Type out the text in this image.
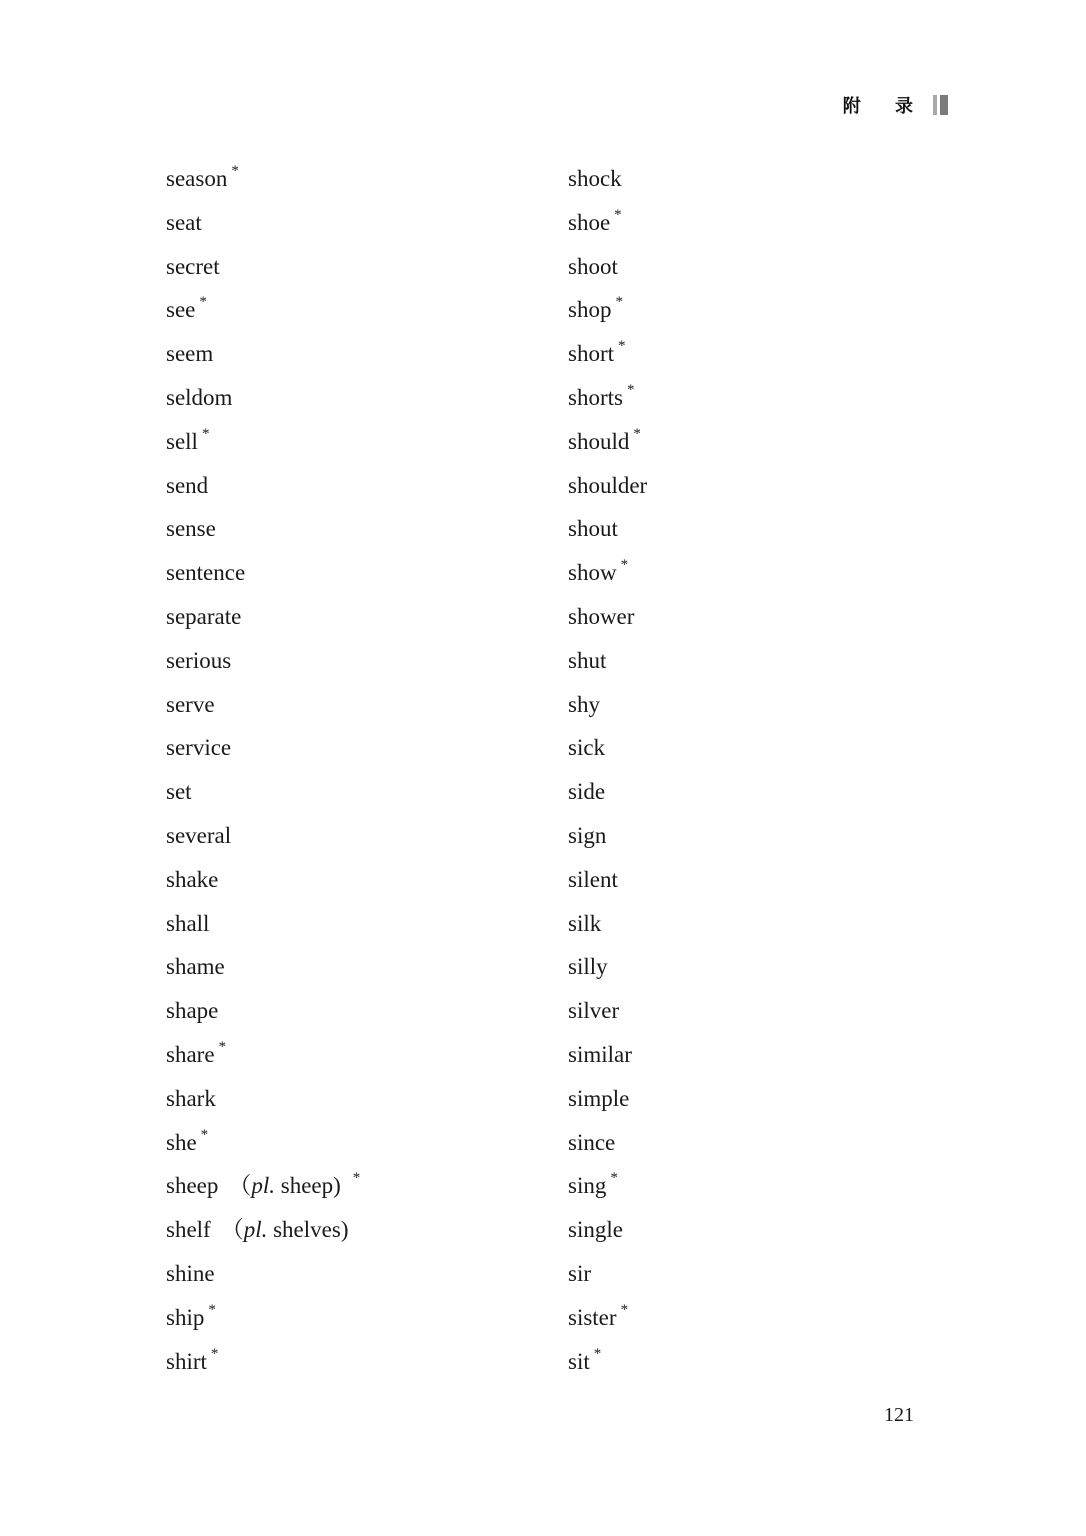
附 录
season *
seat
secret
see *
seem
seldom
sell *
send
sense
sentence
separate
serious
serve
service
set
several
shake
shall
shame
shape
share *
shark
she *
sheep （pl. sheep) *
shelf （pl. shelves)
shine
ship *
shirt *
shock
shoe *
shoot
shop *
short *
shorts *
should *
shoulder
shout
show *
shower
shut
shy
sick
side
sign
silent
silk
silly
silver
similar
simple
since
sing *
single
sir
sister *
sit *
121
